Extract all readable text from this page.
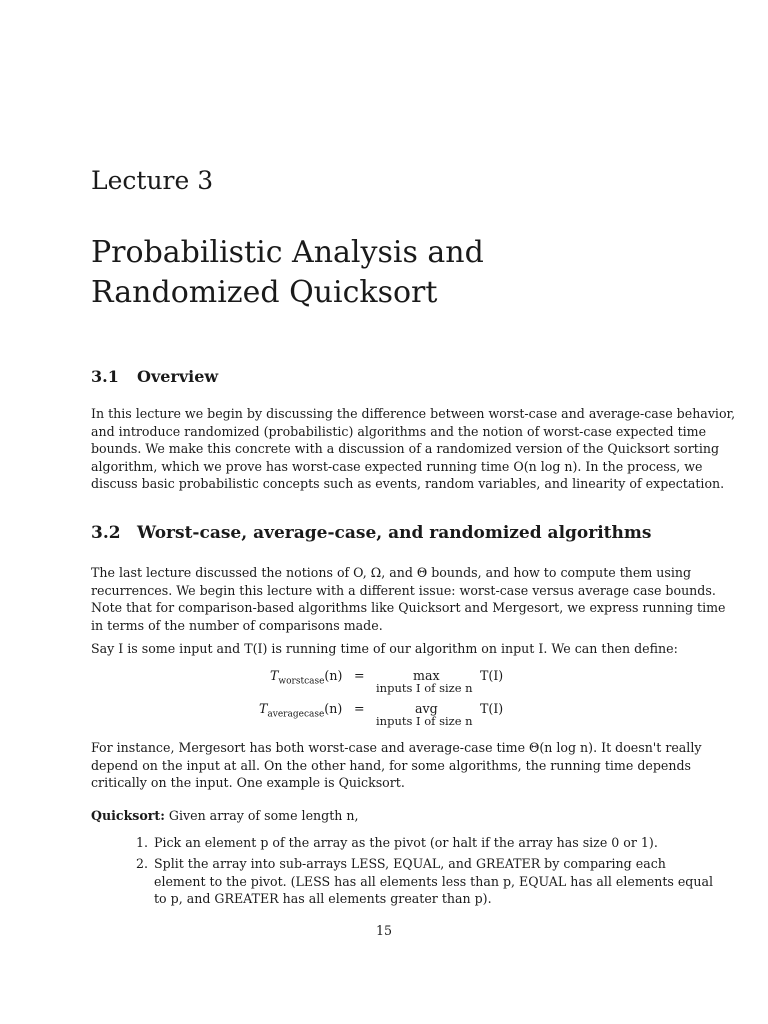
Lecture 3
Probabilistic Analysis and
Randomized Quicksort
3.1 Overview

In this lecture we begin by discussing the difference between worst-case and average-case behavior,
and introduce randomized (probabilistic) algorithms and the notion of worst-case expected time
bounds. We make this concrete with a discussion of a randomized version of the Quicksort sorting
algorithm, which we prove has worst-case expected running time O(n log n). In the process, we
discuss basic probabilistic concepts such as events, random variables, and linearity of expectation.

3.2 Worst-case, average-case, and randomized algorithms

The last lecture discussed the notions of O, Ω, and Θ bounds, and how to compute them using
recurrences. We begin this lecture with a different issue: worst-case versus average case bounds.
Note that for comparison-based algorithms like Quicksort and Mergesort, we express running time
in terms of the number of comparisons made.

Say I is some input and T(I) is running time of our algorithm on input I. We can then define:

$T_{worstcase}(n)$ =	max
inputs I of size n
T(I)
$T_{averagecase}(n)$ =	avg
inputs I of size n
T(I)

For instance, Mergesort has both worst-case and average-case time Θ(n log n). It doesn't really
depend on the input at all. On the other hand, for some algorithms, the running time depends
critically on the input. One example is Quicksort.

Quicksort: Given array of some length n,

1. Pick an element p of the array as the pivot (or halt if the array has size 0 or 1).
2. Split the array into sub-arrays LESS, EQUAL, and GREATER by comparing each
element to the pivot. (LESS has all elements less than p, EQUAL has all elements equal
to p, and GREATER has all elements greater than p).
15
